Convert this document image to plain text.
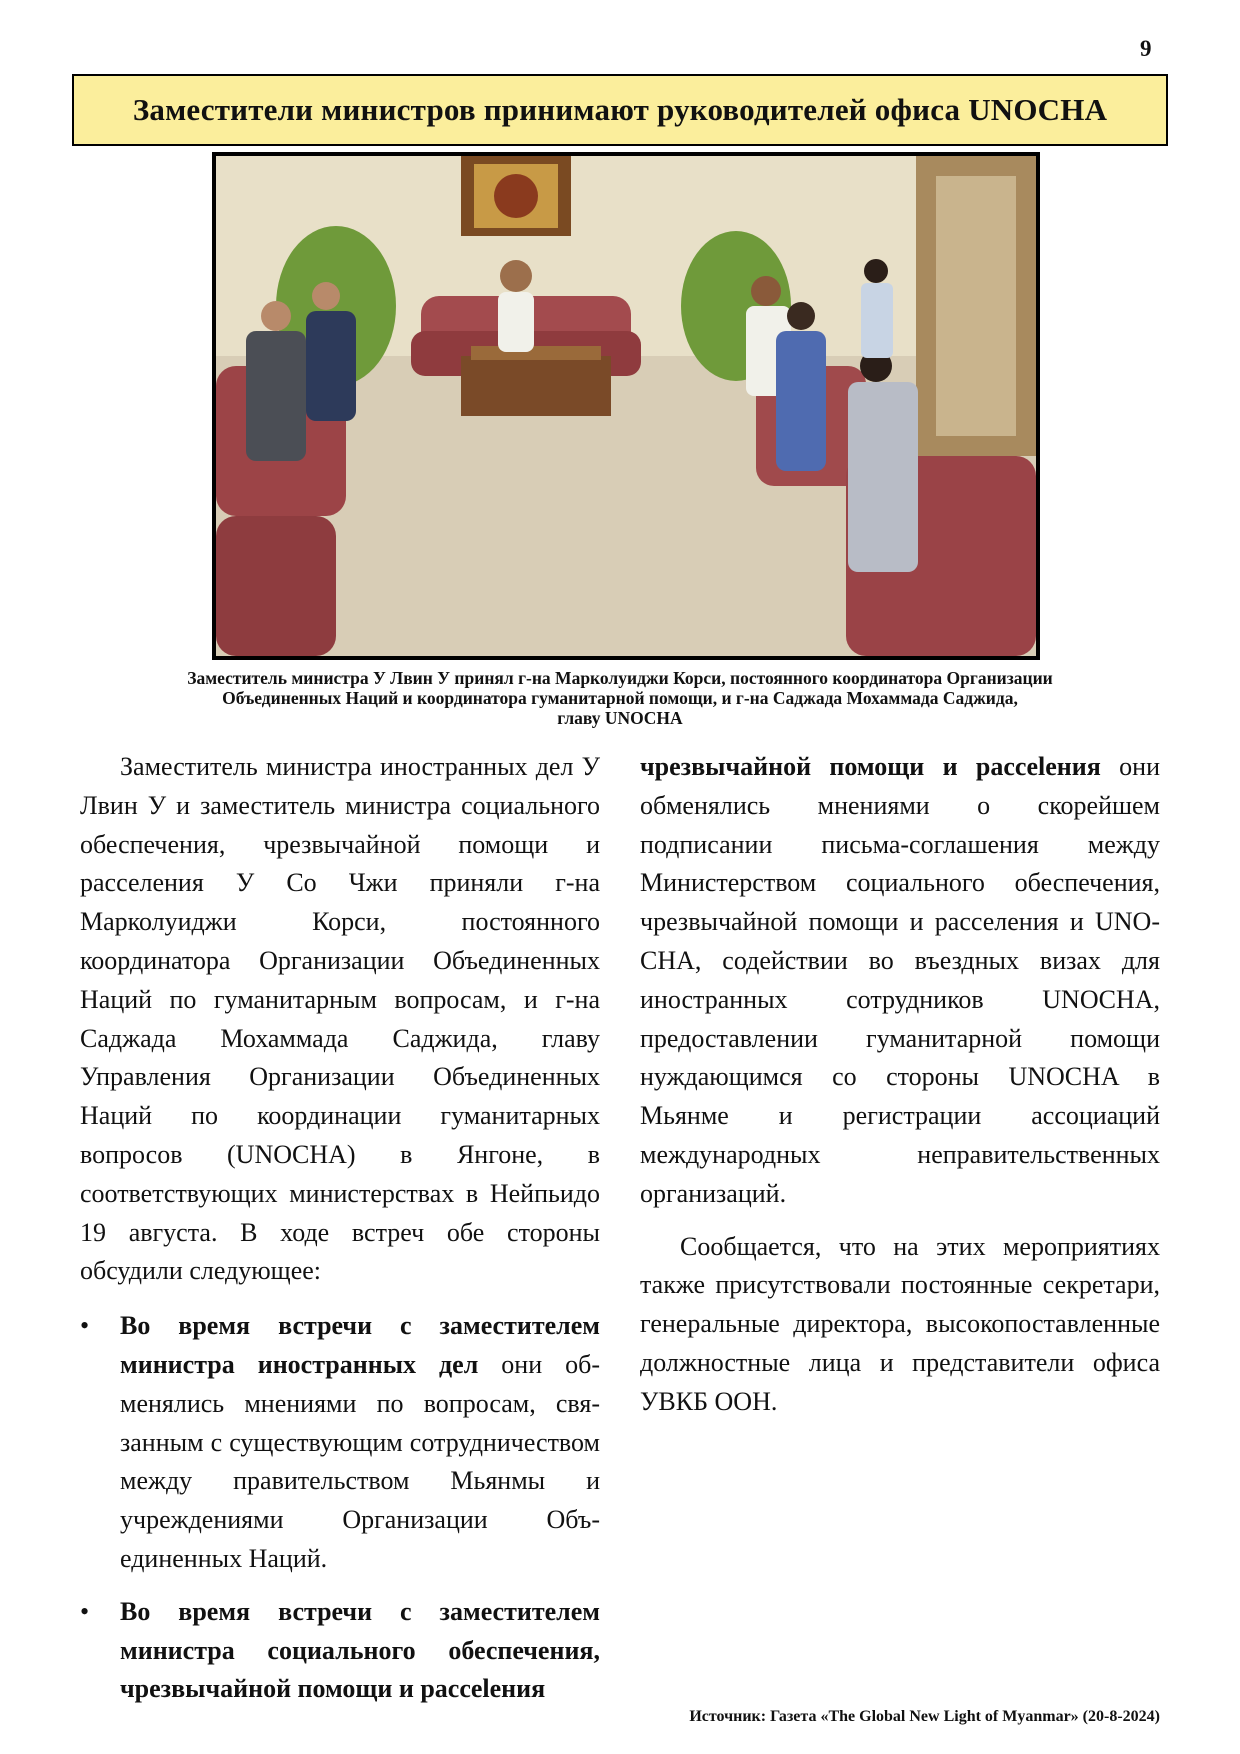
9
Заместители министров принимают руководителей офиса UNOCHA
Заместитель министра У Лвин У принял г-на Марколуиджи Корси, постоянного координатора Организации
Объединенных Наций и координатора гуманитарной помощи, и г-на Саджада Мохаммада Саджида,
главу UNOCHA

Заместитель министра иностранных дел У Лвин У и заместитель министра социального обеспечения, чрезвычайной помощи и расселения У Со Чжи приняли г-на Марколуиджи Корси, постоянного координатора Организации Объединенных Наций по гуманитарным вопросам, и г-на Саджада Мохаммада Саджида, главу Управления Организации Объединенных Наций по координации гуманитарных вопросов (UNOCHA) в Янгоне, в соответствующих министерствах в Нейпьидо 19 августа. В ходе встреч обе стороны обсудили следующее:

• Во время встречи с заместителем министра иностранных дел они обменялись мнениями по вопросам, связанным с существующим сотрудничеством между правительством Мьянмы и учреждениями Организации Объединенных Наций.
• Во время встречи с заместителем министра социального обеспечения, чрезвычайной помощи и рассeleния

чрезвычайной помощи и рассeleния они обменялись мнениями о скорейшем подписании письма-соглашения между Министерством социального обеспечения, чрезвычайной помощи и расселения и UNOCHA, содействии во въездных визах для иностранных сотрудников UNOCHA, предоставлении гуманитарной помощи нуждающимся со стороны UNOCHA в Мьянме и регистрации ассоциаций международных неправительственных организаций.

Сообщается, что на этих мероприятиях также присутствовали постоянные секретари, генеральные директора, высокопоставленные должностные лица и представители офиса УВКБ ООН.

Источник: Газета «The Global New Light of Myanmar» (20-8-2024)
